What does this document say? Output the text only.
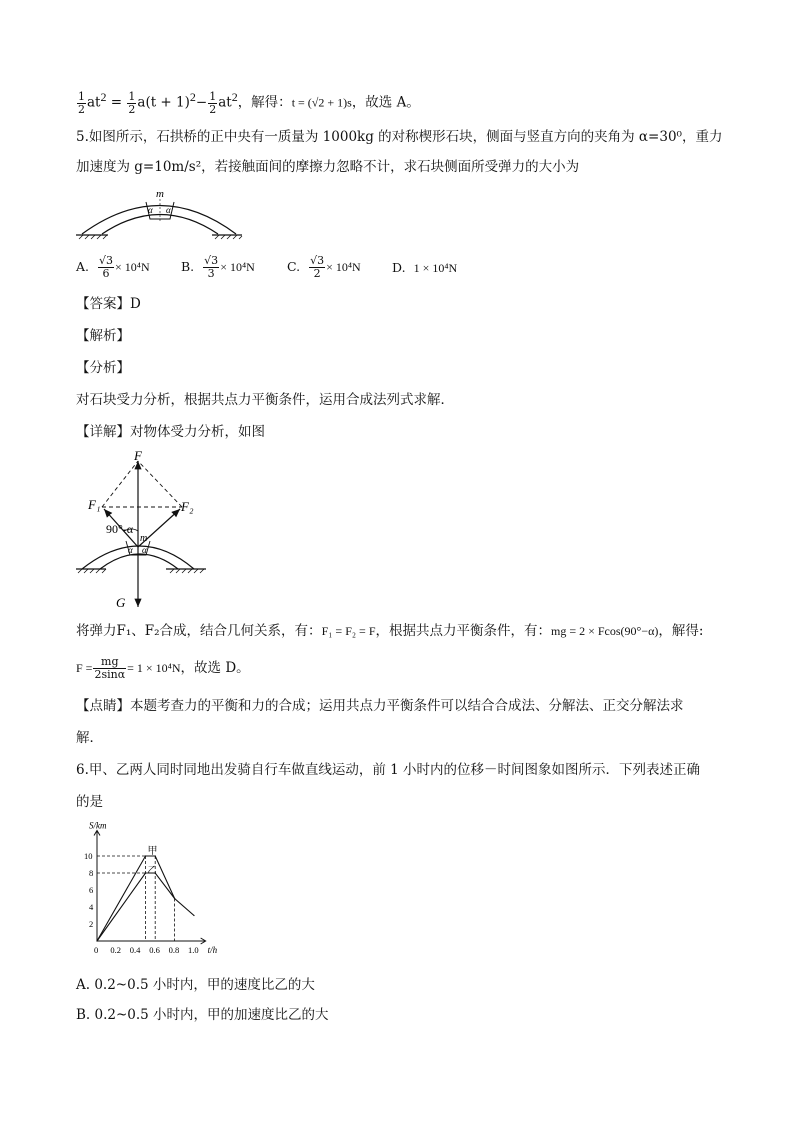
$\frac{1}{2} at^2 = \frac{1}{2} a(t + 1)^2- \frac{1}{2} at^2$，解得：t = (√2 + 1)s，故选 A。
5.如图所示，石拱桥的正中央有一质量为 1000kg 的对称楔形石块，侧面与竖直方向的夹角为 α=30⁰，重力
加速度为 g=10m/s²，若接触面间的摩擦力忽略不计，求石块侧面所受弹力的大小为
m
α α
A. $\frac{√3}{6} \times 10^4N$	B. $\frac{√3}{3} \times 10^4N$	C. $\frac{√3}{2} \times 10^4N$	D. 1 × 10⁴N
【答案】D
【解析】
【分析】
对石块受力分析，根据共点力平衡条件，运用合成法列式求解．
【详解】对物体受力分析，如图
F
F₁	F₂
90°-α
m
α α
G
将弹力F₁、F₂合成，结合几何关系，有：F₁ = F₂ = F，根据共点力平衡条件，有：mg = 2 × Fcos(90°−α)，解得:
$F = \frac{mg}{2\sin\alpha} = 1 \times 10^4N$，故选 D。
【点睛】本题考查力的平衡和力的合成；运用共点力平衡条件可以结合合成法、分解法、正交分解法求
解．
6.甲、乙两人同时同地出发骑自行车做直线运动，前 1 小时内的位移－时间图象如图所示．下列表述正确
的是
S/km
t/h
0 0.2 0.4 0.6 0.8 1.0
2
4
6
8
10	甲
乙
A. 0.2~0.5 小时内，甲的速度比乙的大
B. 0.2~0.5 小时内，甲的加速度比乙的大
